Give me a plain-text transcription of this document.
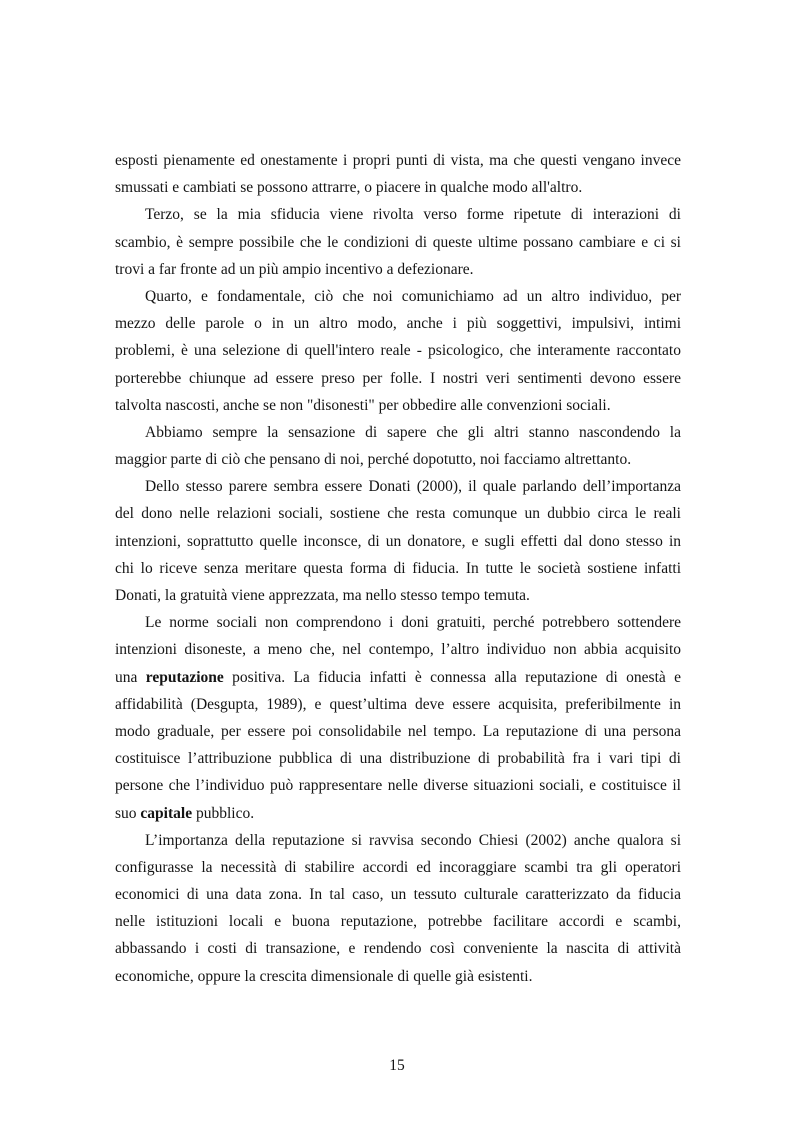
esposti pienamente ed onestamente i propri punti di vista, ma che questi vengano invece
smussati e cambiati se possono attrarre, o piacere in qualche modo all'altro.
Terzo, se la mia sfiducia viene rivolta verso forme ripetute di interazioni di
scambio, è sempre possibile che le condizioni di queste ultime possano cambiare e ci si
trovi a far fronte ad un più ampio incentivo a defezionare.
Quarto, e fondamentale, ciò che noi comunichiamo ad un altro individuo, per
mezzo delle parole o in un altro modo, anche i più soggettivi, impulsivi, intimi
problemi, è una selezione di quell'intero reale - psicologico, che interamente raccontato
porterebbe chiunque ad essere preso per folle. I nostri veri sentimenti devono essere
talvolta nascosti, anche se non "disonesti" per obbedire alle convenzioni sociali.
Abbiamo sempre la sensazione di sapere che gli altri stanno nascondendo la
maggior parte di ciò che pensano di noi, perché dopotutto, noi facciamo altrettanto.
Dello stesso parere sembra essere Donati (2000), il quale parlando dell’importanza
del dono nelle relazioni sociali, sostiene che resta comunque un dubbio circa le reali
intenzioni, soprattutto quelle inconsce, di un donatore, e sugli effetti dal dono stesso in
chi lo riceve senza meritare questa forma di fiducia. In tutte le società sostiene infatti
Donati, la gratuità viene apprezzata, ma nello stesso tempo temuta.
Le norme sociali non comprendono i doni gratuiti, perché potrebbero sottendere
intenzioni disoneste, a meno che, nel contempo, l’altro individuo non abbia acquisito
una reputazione positiva. La fiducia infatti è connessa alla reputazione di onestà e
affidabilità (Desgupta, 1989), e quest’ultima deve essere acquisita, preferibilmente in
modo graduale, per essere poi consolidabile nel tempo. La reputazione di una persona
costituisce l’attribuzione pubblica di una distribuzione di probabilità fra i vari tipi di
persone che l’individuo può rappresentare nelle diverse situazioni sociali, e costituisce il
suo capitale pubblico.
L’importanza della reputazione si ravvisa secondo Chiesi (2002) anche qualora si
configurasse la necessità di stabilire accordi ed incoraggiare scambi tra gli operatori
economici di una data zona. In tal caso, un tessuto culturale caratterizzato da fiducia
nelle istituzioni locali e buona reputazione, potrebbe facilitare accordi e scambi,
abbassando i costi di transazione, e rendendo così conveniente la nascita di attività
economiche, oppure la crescita dimensionale di quelle già esistenti.
15
